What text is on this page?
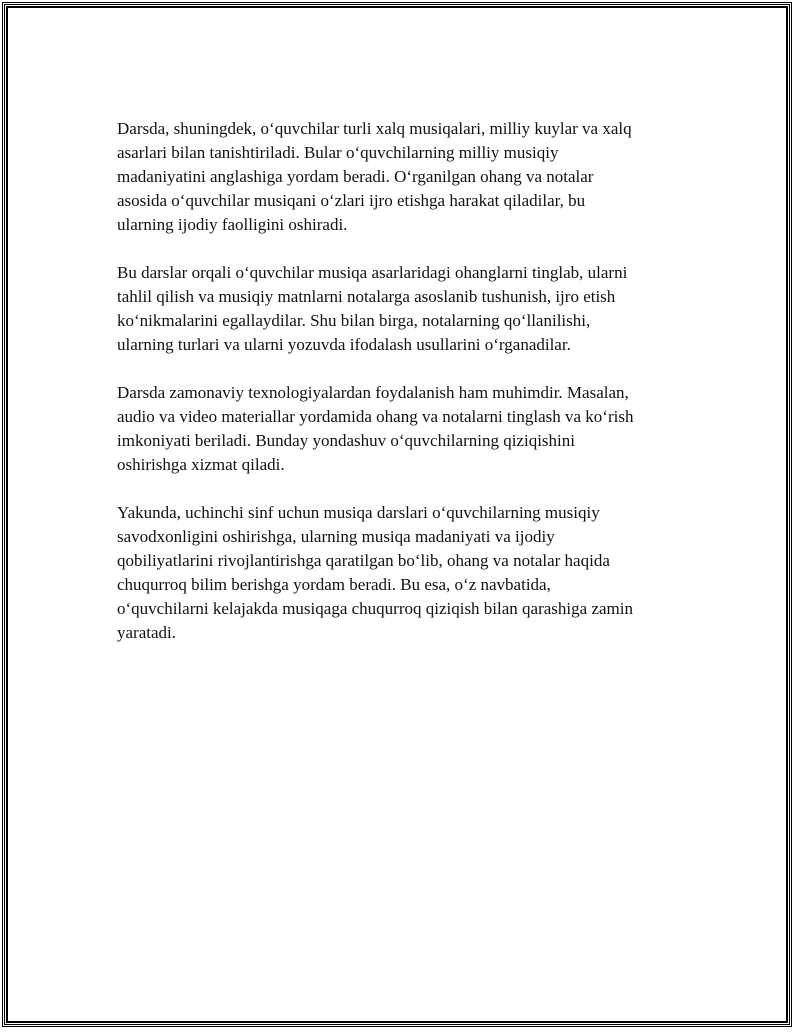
Darsda, shuningdek, o‘quvchilar turli xalq musiqalari, milliy kuylar va xalq
asarlari bilan tanishtiriladi. Bular o‘quvchilarning milliy musiqiy
madaniyatini anglashiga yordam beradi. O‘rganilgan ohang va notalar
asosida o‘quvchilar musiqani o‘zlari ijro etishga harakat qiladilar, bu
ularning ijodiy faolligini oshiradi.

Bu darslar orqali o‘quvchilar musiqa asarlaridagi ohanglarni tinglab, ularni
tahlil qilish va musiqiy matnlarni notalarga asoslanib tushunish, ijro etish
ko‘nikmalarini egallaydilar. Shu bilan birga, notalarning qo‘llanilishi,
ularning turlari va ularni yozuvda ifodalash usullarini o‘rganadilar.

Darsda zamonaviy texnologiyalardan foydalanish ham muhimdir. Masalan,
audio va video materiallar yordamida ohang va notalarni tinglash va ko‘rish
imkoniyati beriladi. Bunday yondashuv o‘quvchilarning qiziqishini
oshirishga xizmat qiladi.

Yakunda, uchinchi sinf uchun musiqa darslari o‘quvchilarning musiqiy
savodxonligini oshirishga, ularning musiqa madaniyati va ijodiy
qobiliyatlarini rivojlantirishga qaratilgan bo‘lib, ohang va notalar haqida
chuqurroq bilim berishga yordam beradi. Bu esa, o‘z navbatida,
o‘quvchilarni kelajakda musiqaga chuqurroq qiziqish bilan qarashiga zamin
yaratadi.
